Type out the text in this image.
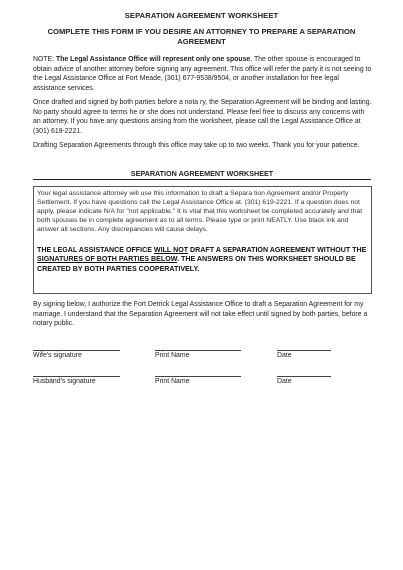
SEPARATION AGREEMENT WORKSHEET
COMPLETE THIS FORM IF YOU DESIRE AN ATTORNEY TO PREPARE A SEPARATION AGREEMENT
NOTE: The Legal Assistance Office will represent only one spouse. The other spouse is encouraged to obtain advice of another attorney before signing any agreement. This office will refer the party it is not seeing to the Legal Assistance Office at Fort Meade, (301) 677-9538/9504, or another installation for free legal assistance services.
Once drafted and signed by both parties before a nota ry, the Separation Agreement will be binding and lasting. No party should agree to terms he or she does not understand. Please feel free to discuss any concerns with an attorney. If you have any questions arising from the worksheet, please call the Legal Assistance Office at (301) 619-2221.
Drafting Separation Agreements through this office may take up to two weeks. Thank you for your patience.
SEPARATION AGREEMENT WORKSHEET
Your legal assistance attorney will use this information to draft a Separa tion Agreement and/or Property Settlement. If you have questions call the Legal Assistance Office at. (301) 619-2221. If a question does not apply, please indicate N/A for "not applicable." It is vital that this worksheet be completed accurately and that both spouses be in complete agreement as to all terms. Please type or print NEATLY. Use black ink and answer all sections. Any discrepancies will cause delays.
THE LEGAL ASSISTANCE OFFICE WILL NOT DRAFT A SEPARATION AGREEMENT WITHOUT THE SIGNATURES OF BOTH PARTIES BELOW. THE ANSWERS ON THIS WORKSHEET SHOULD BE CREATED BY BOTH PARTIES COOPERATIVELY.
By signing below, I authorize the Fort Detrick Legal Assistance Office to draft a Separation Agreement for my marriage. I understand that the Separation Agreement will not take effect until signed by both parties, before a notary public.
Wife's signature	Print Name	Date
Husband's signature	Print Name	Date
